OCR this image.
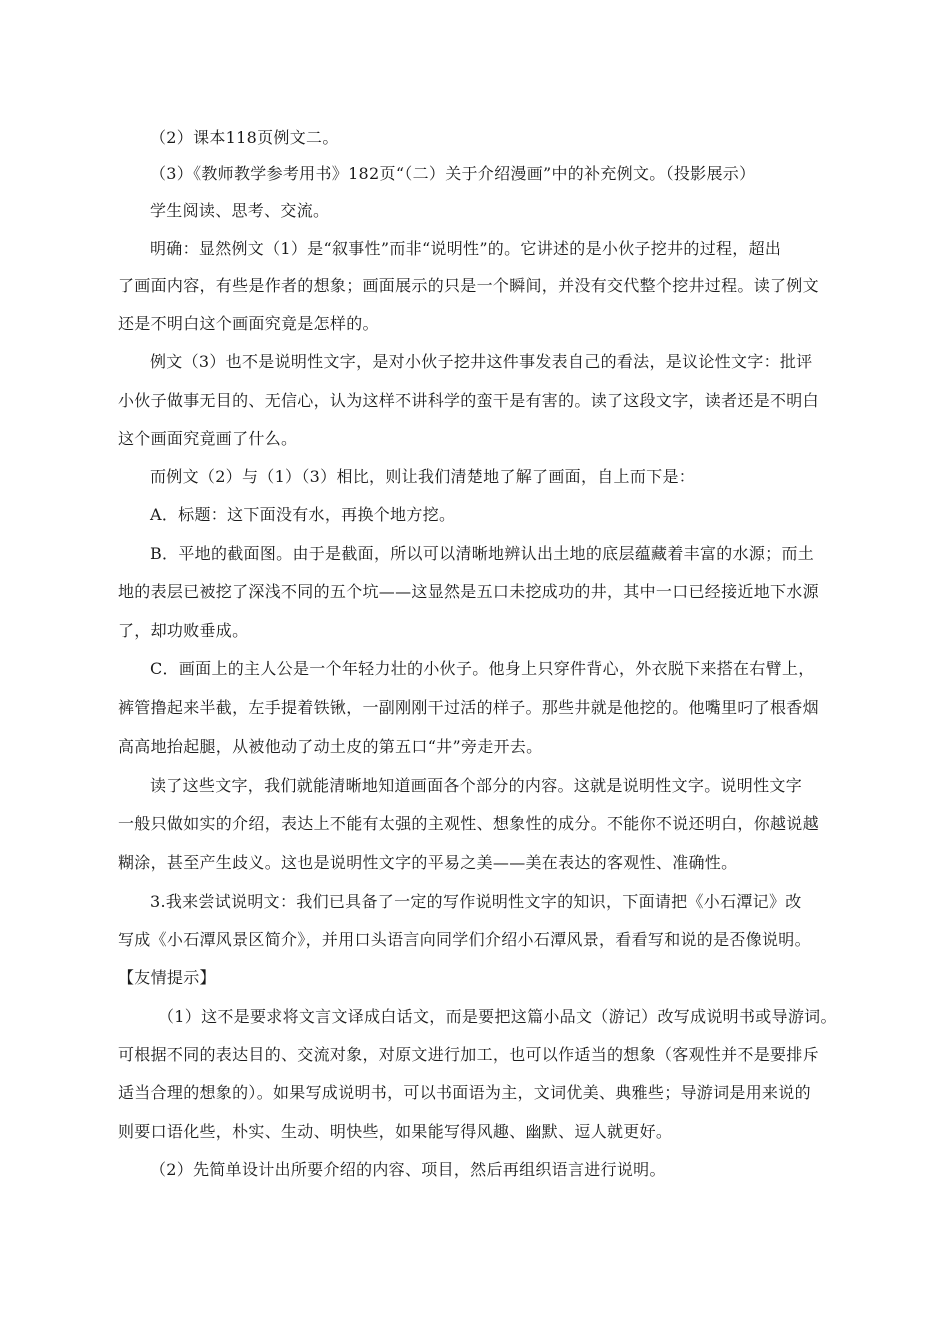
（2）课本118页例文二。
（3）《教师教学参考用书》182页“（二）关于介绍漫画”中的补充例文。（投影展示）
学生阅读、思考、交流。
明确：显然例文（1）是“叙事性”而非“说明性”的。它讲述的是小伙子挖井的过程，超出
了画面内容，有些是作者的想象；画面展示的只是一个瞬间，并没有交代整个挖井过程。读了例文
还是不明白这个画面究竟是怎样的。
例文（3）也不是说明性文字，是对小伙子挖井这件事发表自己的看法，是议论性文字：批评
小伙子做事无目的、无信心，认为这样不讲科学的蛮干是有害的。读了这段文字，读者还是不明白
这个画面究竟画了什么。
而例文（2）与（1）（3）相比，则让我们清楚地了解了画面，自上而下是：
A．标题：这下面没有水，再换个地方挖。
B．平地的截面图。由于是截面，所以可以清晰地辨认出土地的底层蕴藏着丰富的水源；而土
地的表层已被挖了深浅不同的五个坑——这显然是五口未挖成功的井，其中一口已经接近地下水源
了，却功败垂成。
C．画面上的主人公是一个年轻力壮的小伙子。他身上只穿件背心，外衣脱下来搭在右臂上，
裤管撸起来半截，左手提着铁锹，一副刚刚干过活的样子。那些井就是他挖的。他嘴里叼了根香烟
高高地抬起腿，从被他动了动土皮的第五口“井”旁走开去。
读了这些文字，我们就能清晰地知道画面各个部分的内容。这就是说明性文字。说明性文字
一般只做如实的介绍，表达上不能有太强的主观性、想象性的成分。不能你不说还明白，你越说越
糊涂，甚至产生歧义。这也是说明性文字的平易之美——美在表达的客观性、准确性。
3.我来尝试说明文：我们已具备了一定的写作说明性文字的知识，下面请把《小石潭记》改
写成《小石潭风景区简介》，并用口头语言向同学们介绍小石潭风景，看看写和说的是否像说明。
【友情提示】
（1）这不是要求将文言文译成白话文，而是要把这篇小品文（游记）改写成说明书或导游词。
可根据不同的表达目的、交流对象，对原文进行加工，也可以作适当的想象（客观性并不是要排斥
适当合理的想象的）。如果写成说明书，可以书面语为主，文词优美、典雅些；导游词是用来说的
则要口语化些，朴实、生动、明快些，如果能写得风趣、幽默、逗人就更好。
（2）先简单设计出所要介绍的内容、项目，然后再组织语言进行说明。
